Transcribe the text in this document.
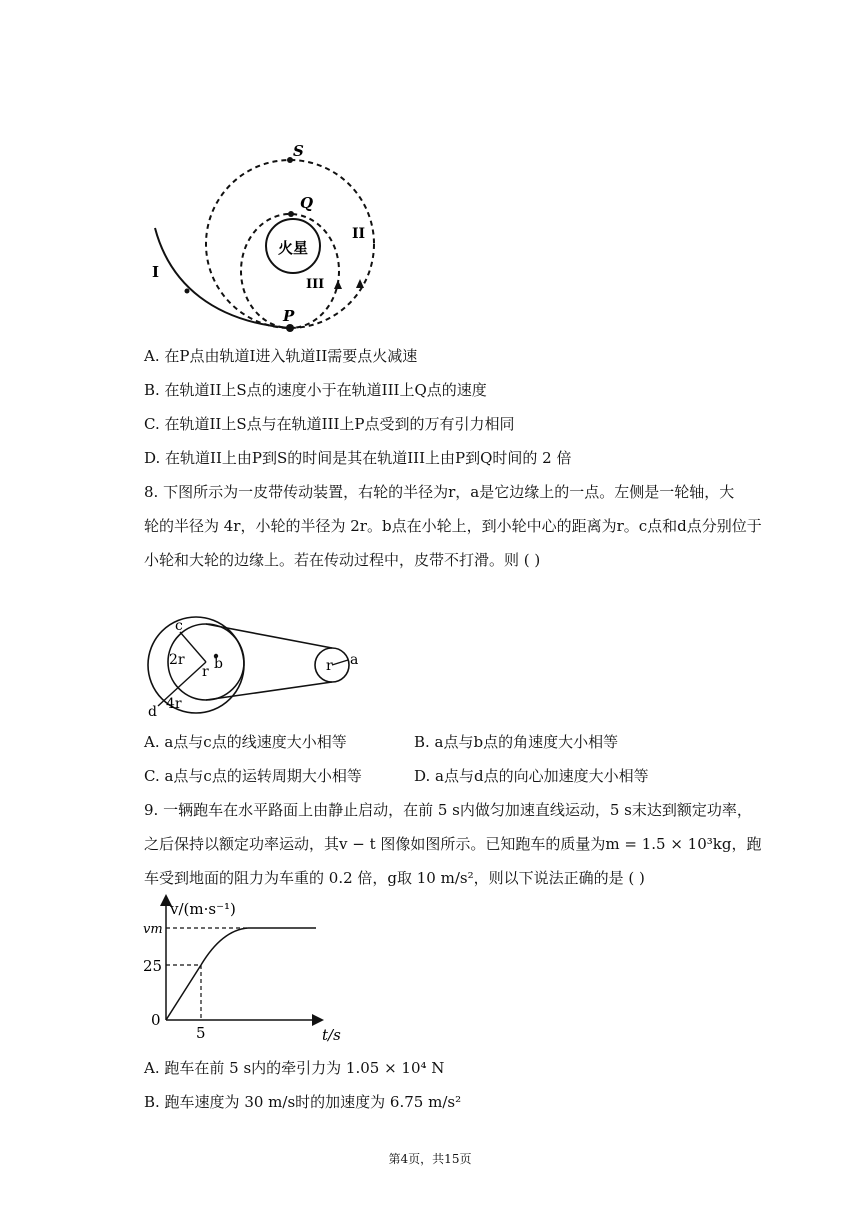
S
Q
P
火星
I
II
III
A. 在P点由轨道I进入轨道II需要点火减速
B. 在轨道II上S点的速度小于在轨道III上Q点的速度
C. 在轨道II上S点与在轨道III上P点受到的万有引力相同
D. 在轨道II上由P到S的时间是其在轨道III上由P到Q时间的 2 倍
8. 下图所示为一皮带传动装置，右轮的半径为r，a是它边缘上的一点。左侧是一轮轴，大
轮的半径为 4r，小轮的半径为 2r。b点在小轮上，到小轮中心的距离为r。c点和d点分别位于
小轮和大轮的边缘上。若在传动过程中，皮带不打滑。则 ( )
c
2r b
r
d 4r
r a
A. a点与c点的线速度大小相等	B. a点与b点的角速度大小相等
C. a点与c点的运转周期大小相等	D. a点与d点的向心加速度大小相等
9. 一辆跑车在水平路面上由静止启动，在前 5 s内做匀加速直线运动，5 s末达到额定功率，
之后保持以额定功率运动，其v − t 图像如图所示。已知跑车的质量为m = 1.5 × 10³kg，跑
车受到地面的阻力为车重的 0.2 倍，g取 10 m/s²，则以下说法正确的是 ( )
v/(m·s⁻¹)
t/s
vm
25
0
5
A. 跑车在前 5 s内的牵引力为 1.05 × 10⁴ N
B. 跑车速度为 30 m/s时的加速度为 6.75 m/s²
第4页，共15页
